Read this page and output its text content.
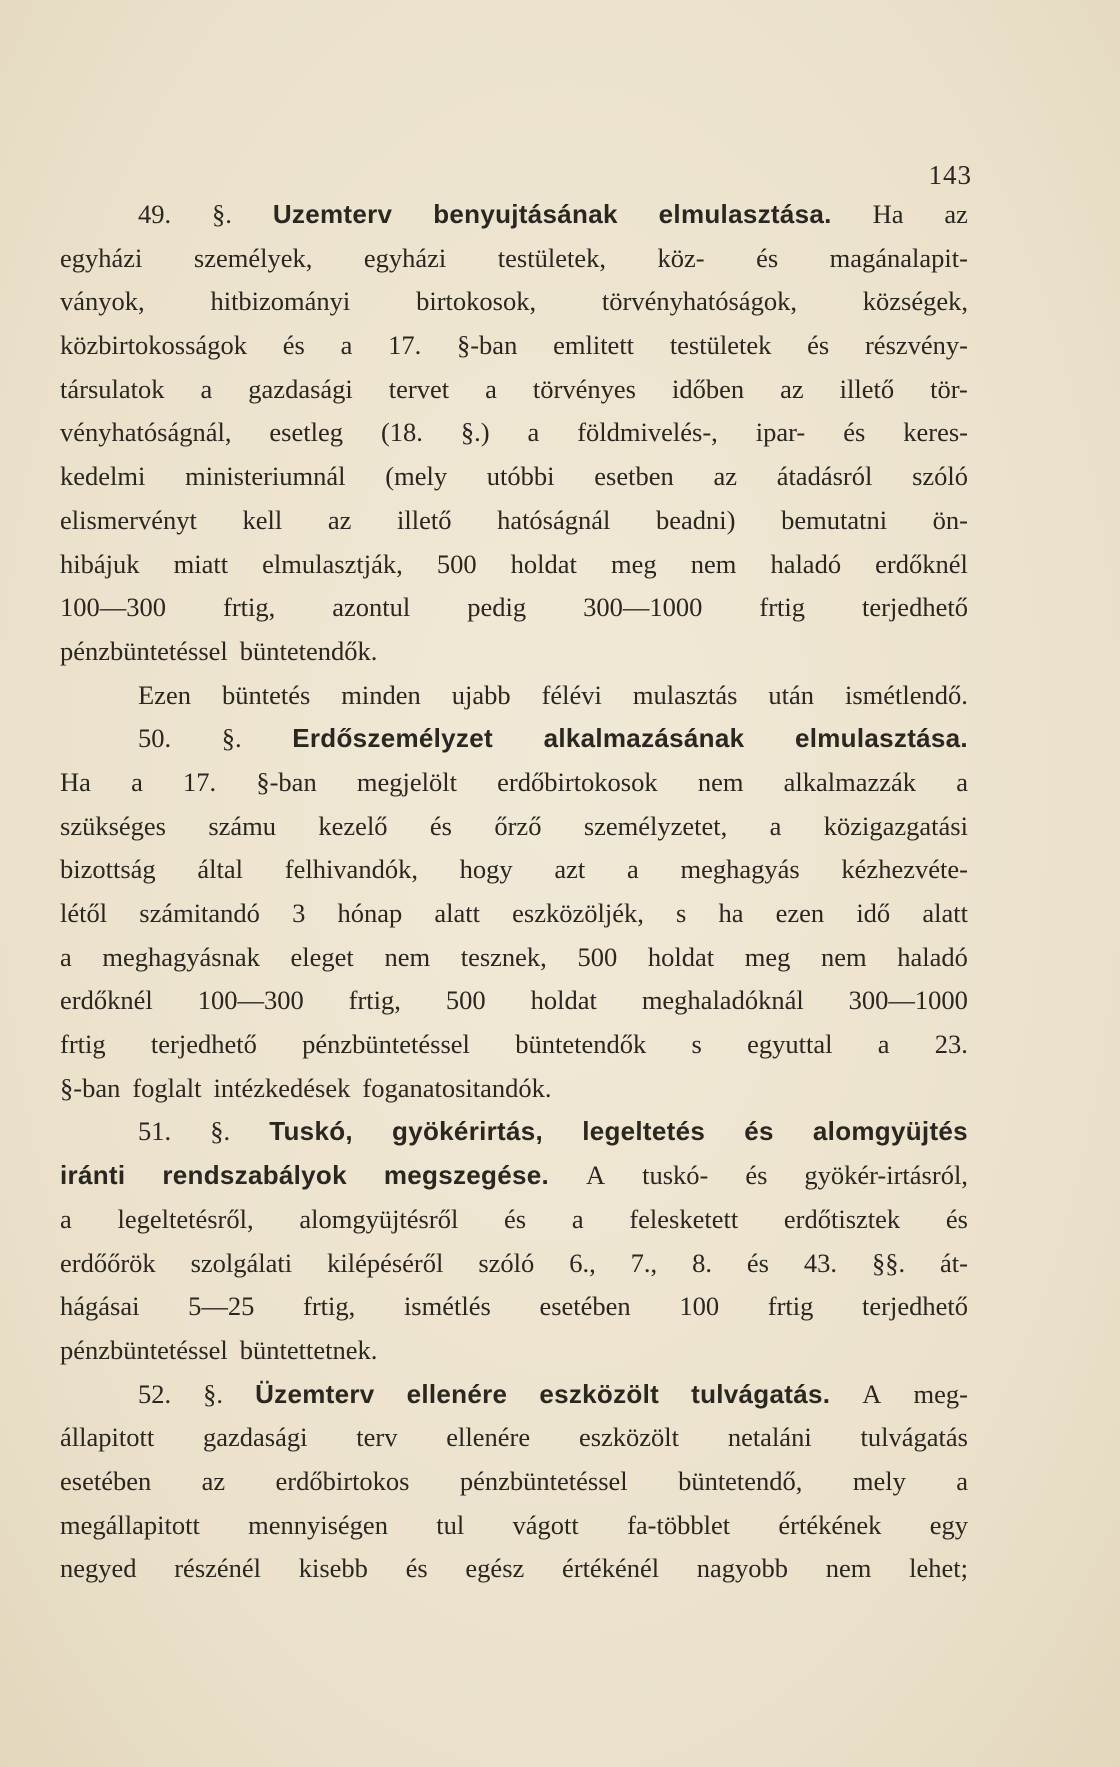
143
49. §. Uzemterv benyujtásának elmulasztása. Ha az
egyházi személyek, egyházi testületek, köz- és magánalapit-
ványok, hitbizományi birtokosok, törvényhatóságok, községek,
közbirtokosságok és a 17. §-ban emlitett testületek és részvény-
társulatok a gazdasági tervet a törvényes időben az illető tör-
vényhatóságnál, esetleg (18. §.) a földmivelés-, ipar- és keres-
kedelmi ministeriumnál (mely utóbbi esetben az átadásról szóló
elismervényt kell az illető hatóságnál beadni) bemutatni ön-
hibájuk miatt elmulasztják, 500 holdat meg nem haladó erdőknél
100—300 frtig, azontul pedig 300—1000 frtig terjedhető
pénzbüntetéssel büntetendők.
Ezen büntetés minden ujabb félévi mulasztás után ismétlendő.
50. §. Erdőszemélyzet alkalmazásának elmulasztása.
Ha a 17. §-ban megjelölt erdőbirtokosok nem alkalmazzák a
szükséges számu kezelő és őrző személyzetet, a közigazgatási
bizottság által felhivandók, hogy azt a meghagyás kézhezvéte-
létől számitandó 3 hónap alatt eszközöljék, s ha ezen idő alatt
a meghagyásnak eleget nem tesznek, 500 holdat meg nem haladó
erdőknél 100—300 frtig, 500 holdat meghaladóknál 300—1000
frtig terjedhető pénzbüntetéssel büntetendők s egyuttal a 23.
§-ban foglalt intézkedések foganatositandók.
51. §. Tuskó, gyökérirtás, legeltetés és alomgyüjtés
iránti rendszabályok megszegése. A tuskó- és gyökér-irtásról,
a legeltetésről, alomgyüjtésről és a felesketett erdőtisztek és
erdőőrök szolgálati kilépéséről szóló 6., 7., 8. és 43. §§. át-
hágásai 5—25 frtig, ismétlés esetében 100 frtig terjedhető
pénzbüntetéssel büntettetnek.
52. §. Üzemterv ellenére eszközölt tulvágatás. A meg-
állapitott gazdasági terv ellenére eszközölt netaláni tulvágatás
esetében az erdőbirtokos pénzbüntetéssel büntetendő, mely a
megállapitott mennyiségen tul vágott fa-többlet értékének egy
negyed részénél kisebb és egész értékénél nagyobb nem lehet;
